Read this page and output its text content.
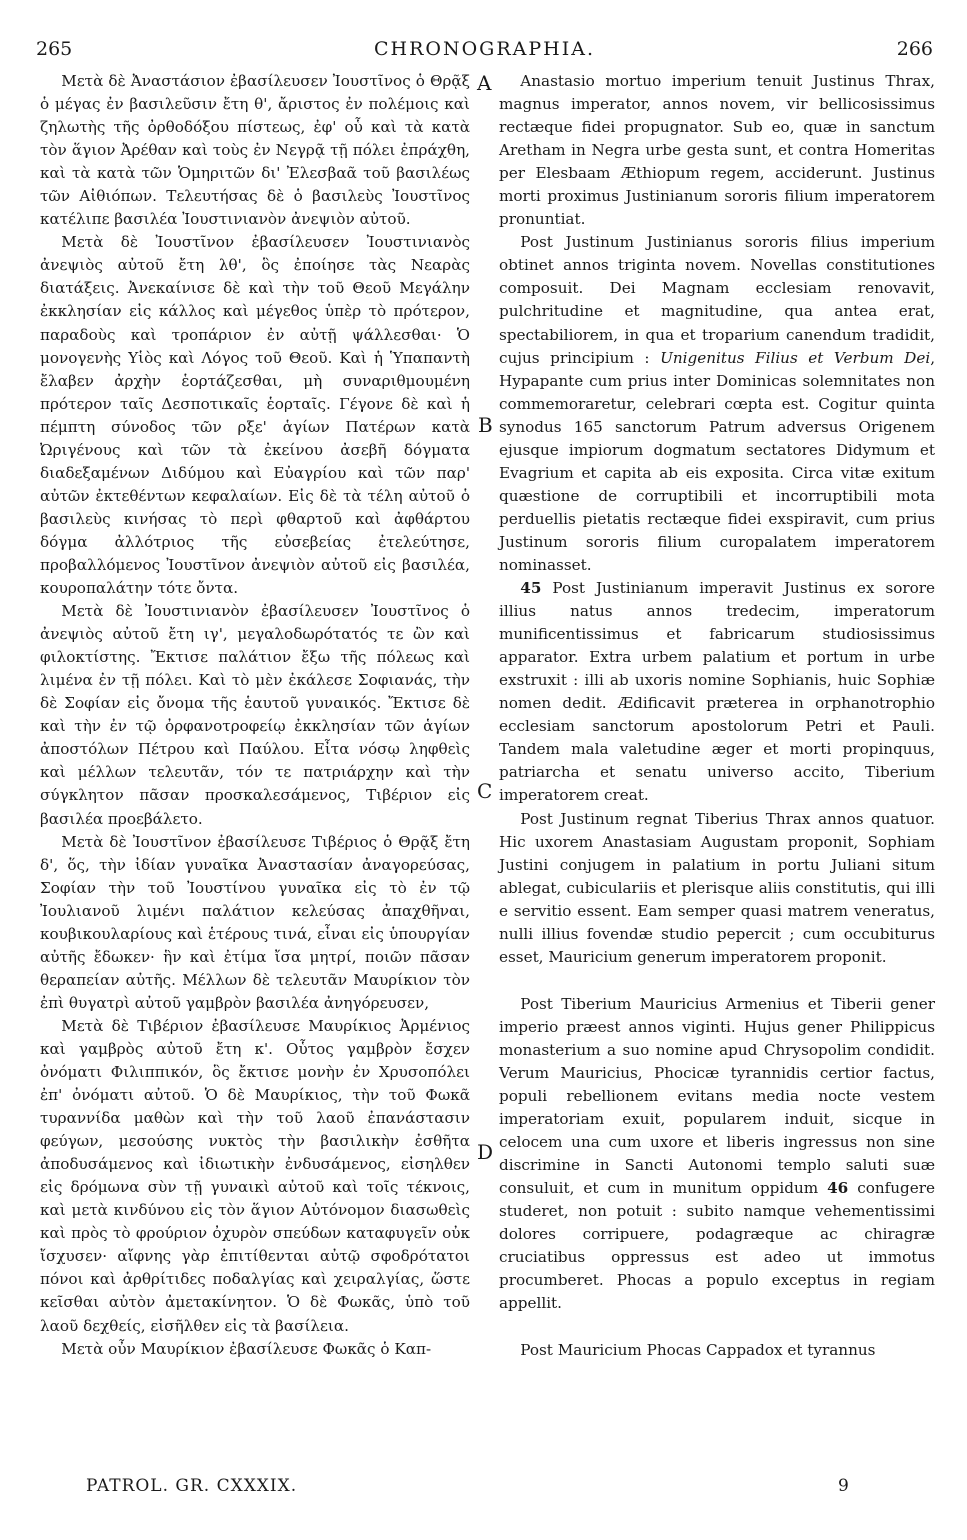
265	CHRONOGRAPHIA.	266

Μετὰ δὲ Ἀναστάσιον ἐβασίλευσεν Ἰουστῖνος ὁ Θρᾷξ ὁ μέγας ἐν βασιλεῦσιν ἔτη θ', ἄριστος ἐν πολέμοις καὶ ζηλωτὴς τῆς ὀρθοδόξου πίστεως, ἐφ' οὗ καὶ τὰ κατὰ τὸν ἅγιον Ἀρέθαν καὶ τοὺς ἐν Νεγρᾷ τῇ πόλει ἐπράχθη, καὶ τὰ κατὰ τῶν Ὁμηριτῶν δι' Ἐλεσβαᾶ τοῦ βασιλέως τῶν Αἰθιόπων. Τελευτήσας δὲ ὁ βασιλεὺς Ἰουστῖνος κατέλιπε βασιλέα Ἰουστινιανὸν ἀνεψιὸν αὐτοῦ.

Μετὰ δὲ Ἰουστῖνον ἐβασίλευσεν Ἰουστινιανὸς ἀνεψιὸς αὐτοῦ ἔτη λθ', ὃς ἐποίησε τὰς Νεαρὰς διατάξεις. Ἀνεκαίνισε δὲ καὶ τὴν τοῦ Θεοῦ Μεγάλην ἐκκλησίαν εἰς κάλλος καὶ μέγεθος ὑπὲρ τὸ πρότερον, παραδοὺς καὶ τροπάριον ἐν αὐτῇ ψάλλεσθαι· Ὁ μονογενὴς Υἱὸς καὶ Λόγος τοῦ Θεοῦ. Καὶ ἡ Ὑπαπαντὴ ἔλαβεν ἀρχὴν ἑορτάζεσθαι, μὴ συναριθμουμένη πρότερον ταῖς Δεσποτικαῖς ἑορταῖς. Γέγονε δὲ καὶ ἡ πέμπτη σύνοδος τῶν ρξε' ἁγίων Πατέρων κατὰ Ὠριγένους καὶ τῶν τὰ ἐκείνου ἀσεβῆ δόγματα διαδεξαμένων Διδύμου καὶ Εὐαγρίου καὶ τῶν παρ' αὐτῶν ἐκτεθέντων κεφαλαίων. Εἰς δὲ τὰ τέλη αὐτοῦ ὁ βασιλεὺς κινήσας τὸ περὶ φθαρτοῦ καὶ ἀφθάρτου δόγμα ἀλλότριος τῆς εὐσεβείας ἐτελεύτησε, προβαλλόμενος Ἰουστῖνον ἀνεψιὸν αὐτοῦ εἰς βασιλέα, κουροπαλάτην τότε ὄντα.

Μετὰ δὲ Ἰουστινιανὸν ἐβασίλευσεν Ἰουστῖνος ὁ ἀνεψιὸς αὐτοῦ ἔτη ιγ', μεγαλοδωρότατός τε ὢν καὶ φιλοκτίστης. Ἔκτισε παλάτιον ἔξω τῆς πόλεως καὶ λιμένα ἐν τῇ πόλει. Καὶ τὸ μὲν ἐκάλεσε Σοφιανάς, τὴν δὲ Σοφίαν εἰς ὄνομα τῆς ἑαυτοῦ γυναικός. Ἔκτισε δὲ καὶ τὴν ἐν τῷ ὀρφανοτροφείῳ ἐκκλησίαν τῶν ἁγίων ἀποστόλων Πέτρου καὶ Παύλου. Εἶτα νόσῳ ληφθεὶς καὶ μέλλων τελευτᾶν, τόν τε πατριάρχην καὶ τὴν σύγκλητον πᾶσαν προσκαλεσάμενος, Τιβέριον εἰς βασιλέα προεβάλετο.

Μετὰ δὲ Ἰουστῖνον ἐβασίλευσε Τιβέριος ὁ Θρᾷξ ἔτη δ', ὅς, τὴν ἰδίαν γυναῖκα Ἀναστασίαν ἀναγορεύσας, Σοφίαν τὴν τοῦ Ἰουστίνου γυναῖκα εἰς τὸ ἐν τῷ Ἰουλιανοῦ λιμένι παλάτιον κελεύσας ἀπαχθῆναι, κουβικουλαρίους καὶ ἑτέρους τινά, εἶναι εἰς ὑπουργίαν αὐτῆς ἔδωκεν· ἣν καὶ ἐτίμα ἴσα μητρί, ποιῶν πᾶσαν θεραπείαν αὐτῆς. Μέλλων δὲ τελευτᾶν Μαυρίκιον τὸν ἐπὶ θυγατρὶ αὐτοῦ γαμβρὸν βασιλέα ἀνηγόρευσεν,

Μετὰ δὲ Τιβέριον ἐβασίλευσε Μαυρίκιος Ἀρμένιος καὶ γαμβρὸς αὐτοῦ ἔτη κ'. Οὗτος γαμβρὸν ἔσχεν ὀνόματι Φιλιππικόν, ὃς ἔκτισε μονὴν ἐν Χρυσοπόλει ἐπ' ὀνόματι αὐτοῦ. Ὁ δὲ Μαυρίκιος, τὴν τοῦ Φωκᾶ τυραννίδα μαθὼν καὶ τὴν τοῦ λαοῦ ἐπανάστασιν φεύγων, μεσούσης νυκτὸς τὴν βασιλικὴν ἐσθῆτα ἀποδυσάμενος καὶ ἰδιωτικὴν ἐνδυσάμενος, εἰσηλθεν εἰς δρόμωνα σὺν τῇ γυναικὶ αὐτοῦ καὶ τοῖς τέκνοις, καὶ μετὰ κινδύνου εἰς τὸν ἅγιον Αὐτόνομον διασωθεὶς καὶ πρὸς τὸ φρούριον ὀχυρὸν σπεύδων καταφυγεῖν οὐκ ἴσχυσεν· αἴφνης γὰρ ἐπιτίθενται αὐτῷ σφοδρότατοι πόνοι καὶ ἀρθρίτιδες ποδαλγίας καὶ χειραλγίας, ὥστε κεῖσθαι αὐτὸν ἀμετακίνητον. Ὁ δὲ Φωκᾶς, ὑπὸ τοῦ λαοῦ δεχθείς, εἰσῆλθεν εἰς τὰ βασίλεια.

Μετὰ οὖν Μαυρίκιον ἐβασίλευσε Φωκᾶς ὁ Καπ-

A
B
C
D

Anastasio mortuo imperium tenuit Justinus Thrax, magnus imperator, annos novem, vir bellicosissimus rectæque fidei propugnator. Sub eo, quæ in sanctum Aretham in Negra urbe gesta sunt, et contra Homeritas per Elesbaam Æthiopum regem, acciderunt. Justinus morti proximus Justinianum sororis filium imperatorem pronuntiat.

Post Justinum Justinianus sororis filius imperium obtinet annos triginta novem. Novellas constitutiones composuit. Dei Magnam ecclesiam renovavit, pulchritudine et magnitudine, qua antea erat, spectabiliorem, in qua et troparium canendum tradidit, cujus principium : Unigenitus Filius et Verbum Dei, Hypapante cum prius inter Dominicas solemnitates non commemoraretur, celebrari cœpta est. Cogitur quinta synodus 165 sanctorum Patrum adversus Origenem ejusque impiorum dogmatum sectatores Didymum et Evagrium et capita ab eis exposita. Circa vitæ exitum quæstione de corruptibili et incorruptibili mota perduellis pietatis rectæque fidei exspiravit, cum prius Justinum sororis filium curopalatem imperatorem nominasset.

45 Post Justinianum imperavit Justinus ex sorore illius natus annos tredecim, imperatorum munificentissimus et fabricarum studiosissimus apparator. Extra urbem palatium et portum in urbe exstruxit : illi ab uxoris nomine Sophianis, huic Sophiæ nomen dedit. Ædificavit præterea in orphanotrophio ecclesiam sanctorum apostolorum Petri et Pauli. Tandem mala valetudine æger et morti propinquus, patriarcha et senatu universo accito, Tiberium imperatorem creat.

Post Justinum regnat Tiberius Thrax annos quatuor. Hic uxorem Anastasiam Augustam proponit, Sophiam Justini conjugem in palatium in portu Juliani situm ablegat, cubiculariis et plerisque aliis constitutis, qui illi e servitio essent. Eam semper quasi matrem veneratus, nulli illius fovendæ studio pepercit ; cum occubiturus esset, Mauricium generum imperatorem proponit.

Post Tiberium Mauricius Armenius et Tiberii gener imperio præest annos viginti. Hujus gener Philippicus monasterium a suo nomine apud Chrysopolim condidit. Verum Mauricius, Phocicæ tyrannidis certior factus, populi rebellionem evitans media nocte vestem imperatoriam exuit, popularem induit, sicque in celocem una cum uxore et liberis ingressus non sine discrimine in Sancti Autonomi templo saluti suæ consuluit, et cum in munitum oppidum 46 confugere studeret, non potuit : subito namque vehementissimi dolores corripuere, podagræque ac chiragræ cruciatibus oppressus est adeo ut immotus procumberet. Phocas a populo exceptus in regiam appellit.

Post Mauricium Phocas Cappadox et tyrannus

PATROL. GR. CXXXIX.	9
